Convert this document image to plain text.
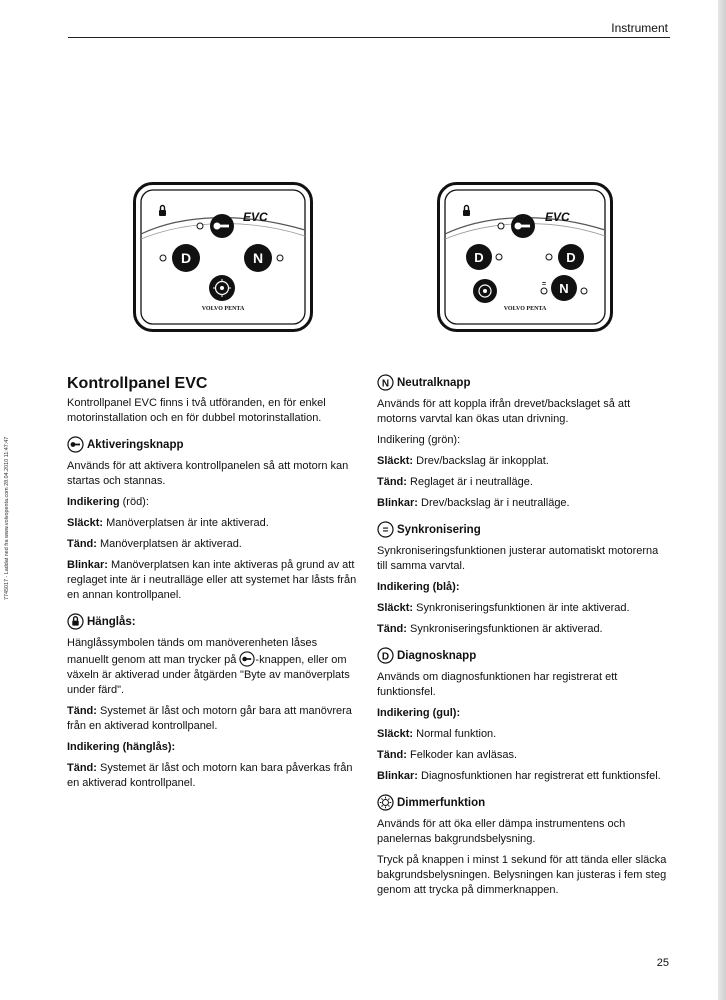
Instrument
7745017 - Laddat ned fra www.volvopenta.com 28.04.2010 11:47:47
EVC
D	N
VOLVO PENTA
EVC
D	D
= N
VOLVO PENTA
Kontrollpanel EVC

Kontrollpanel EVC finns i två utföranden, en för enkel motorinstallation och en för dubbel motorinstallation.

Aktiveringsknapp

Används för att aktivera kontrollpanelen så att motorn kan startas och stannas.

Indikering (röd):

Släckt: Manöverplatsen är inte aktiverad.

Tänd: Manöverplatsen är aktiverad.

Blinkar: Manöverplatsen kan inte aktiveras på grund av att reglaget inte är i neutralläge eller att systemet har låsts från en annan kontrollpanel.

Hänglås:

Hänglåssymbolen tänds om manöverenheten låses manuellt genom att man trycker på -knappen, eller om växeln är aktiverad under åtgärden "Byte av manöverplats under färd".

Tänd: Systemet är låst och motorn går bara att manövrera från en aktiverad kontrollpanel.

Indikering (hänglås):

Tänd: Systemet är låst och motorn kan bara påverkas från en aktiverad kontrollpanel.

N Neutralknapp

Används för att koppla ifrån drevet/backslaget så att motorns varvtal kan ökas utan drivning.

Indikering (grön):

Släckt: Drev/backslag är inkopplat.

Tänd: Reglaget är i neutralläge.

Blinkar: Drev/backslag är i neutralläge.

= Synkronisering

Synkroniseringsfunktionen justerar automatiskt motorerna till samma varvtal.

Indikering (blå):

Släckt: Synkroniseringsfunktionen är inte aktiverad.

Tänd: Synkroniseringsfunktionen är aktiverad.

D Diagnosknapp

Används om diagnosfunktionen har registrerat ett funktionsfel.

Indikering (gul):

Släckt: Normal funktion.

Tänd: Felkoder kan avläsas.

Blinkar: Diagnosfunktionen har registrerat ett funktionsfel.

Dimmerfunktion

Används för att öka eller dämpa instrumentens och panelernas bakgrundsbelysning.

Tryck på knappen i minst 1 sekund för att tända eller släcka bakgrundsbelysningen. Belysningen kan justeras i fem steg genom att trycka på dimmerknappen.

25
